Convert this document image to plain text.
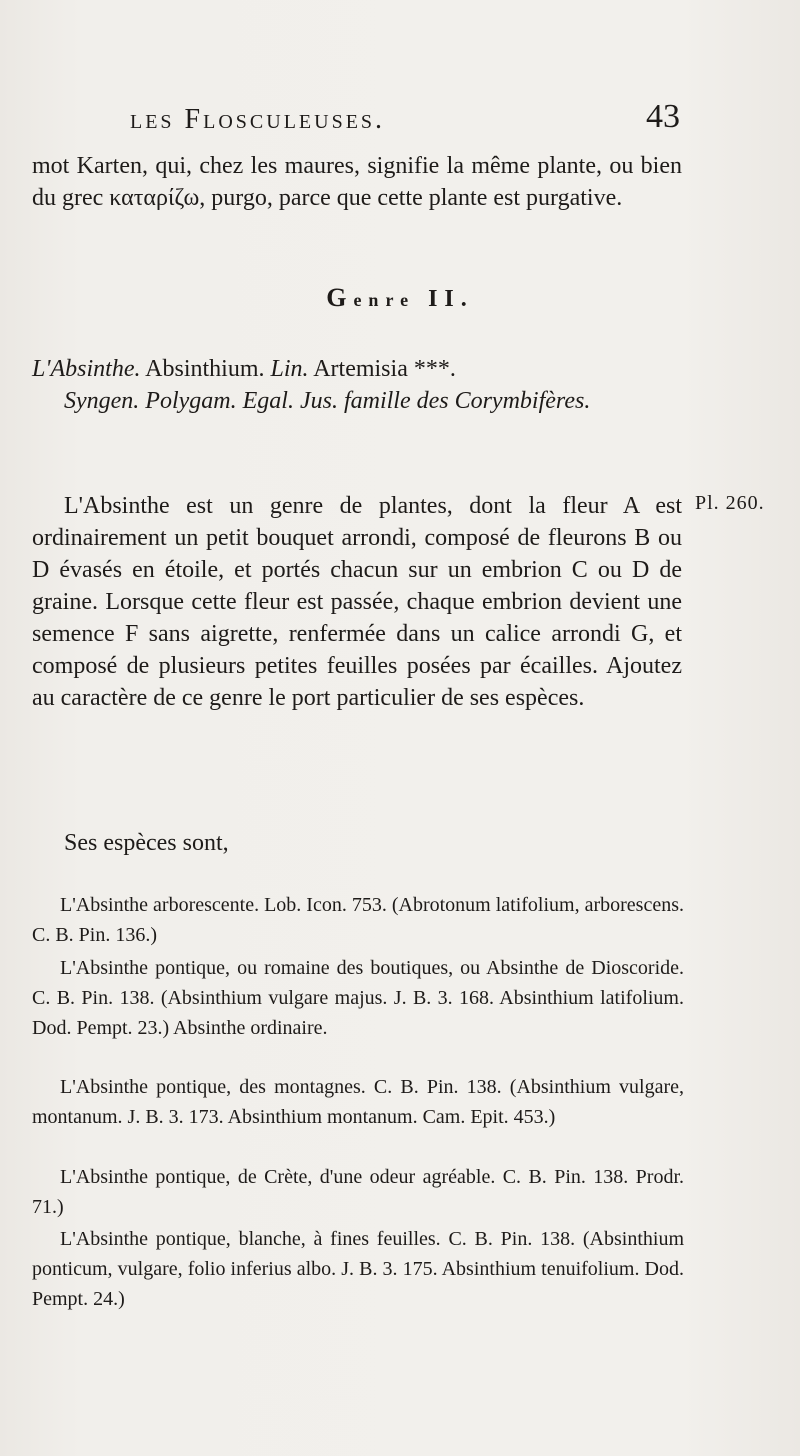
les Flosculeuses.	43

mot Karten, qui, chez les maures, signifie la même plante, ou bien du grec καταρίζω, purgo, parce que cette plante est purgative.

Genre II.

L'Absinthe. Absinthium. Lin. Artemisia ***.
Syngen. Polygam. Egal. Jus. famille des Corymbifères.

L'Absinthe est un genre de plantes, dont la fleur A est ordinairement un petit bouquet arrondi, composé de fleurons B ou D évasés en étoile, et portés chacun sur un embrion C ou D de graine. Lorsque cette fleur est passée, chaque embrion devient une semence F sans aigrette, renfermée dans un calice arrondi G, et composé de plusieurs petites feuilles posées par écailles. Ajoutez au caractère de ce genre le port particulier de ses espèces.

Pl. 260.

Ses espèces sont,

L'Absinthe arborescente. Lob. Icon. 753. (Abrotonum latifolium, arborescens. C. B. Pin. 136.)

L'Absinthe pontique, ou romaine des boutiques, ou Absinthe de Dioscoride. C. B. Pin. 138. (Absinthium vulgare majus. J. B. 3. 168. Absinthium latifolium. Dod. Pempt. 23.) Absinthe ordinaire.

L'Absinthe pontique, des montagnes. C. B. Pin. 138. (Absinthium vulgare, montanum. J. B. 3. 173. Absinthium montanum. Cam. Epit. 453.)

L'Absinthe pontique, de Crète, d'une odeur agréable. C. B. Pin. 138. Prodr. 71.)

L'Absinthe pontique, blanche, à fines feuilles. C. B. Pin. 138. (Absinthium ponticum, vulgare, folio inferius albo. J. B. 3. 175. Absinthium tenuifolium. Dod. Pempt. 24.)
